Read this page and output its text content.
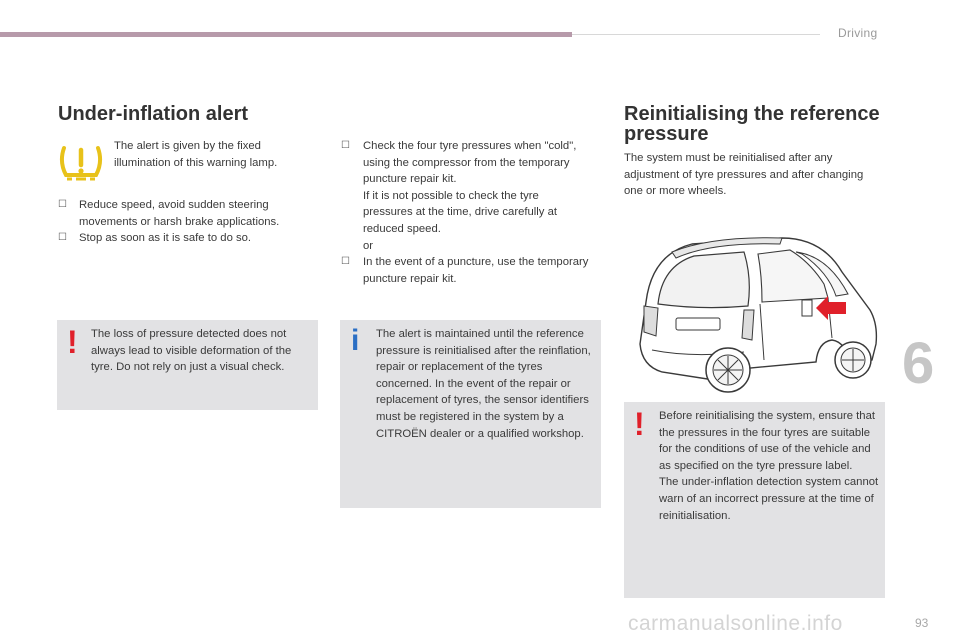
Driving
Under-inflation alert
The alert is given by the fixed illumination of this warning lamp.
☐ Reduce speed, avoid sudden steering movements or harsh brake applications.
☐ Stop as soon as it is safe to do so.
! The loss of pressure detected does not always lead to visible deformation of the tyre. Do not rely on just a visual check.
☐ Check the four tyre pressures when "cold",
using the compressor from the temporary
puncture repair kit.
If it is not possible to check the tyre
pressures at the time, drive carefully at
reduced speed.
or
☐ In the event of a puncture, use the temporary puncture repair kit.
i The alert is maintained until the reference pressure is reinitialised after the reinflation, repair or replacement of the tyres concerned. In the event of the repair or replacement of tyres, the sensor identifiers must be registered in the system by a CITROËN dealer or a qualified workshop.
Reinitialising the reference
pressure
The system must be reinitialised after any adjustment of tyre pressures and after changing one or more wheels.
! Before reinitialising the system, ensure that the pressures in the four tyres are suitable for the conditions of use of the vehicle and as specified on the tyre pressure label.
The under-inflation detection system cannot warn of an incorrect pressure at the time of reinitialisation.
6
carmanualsonline.info	93
